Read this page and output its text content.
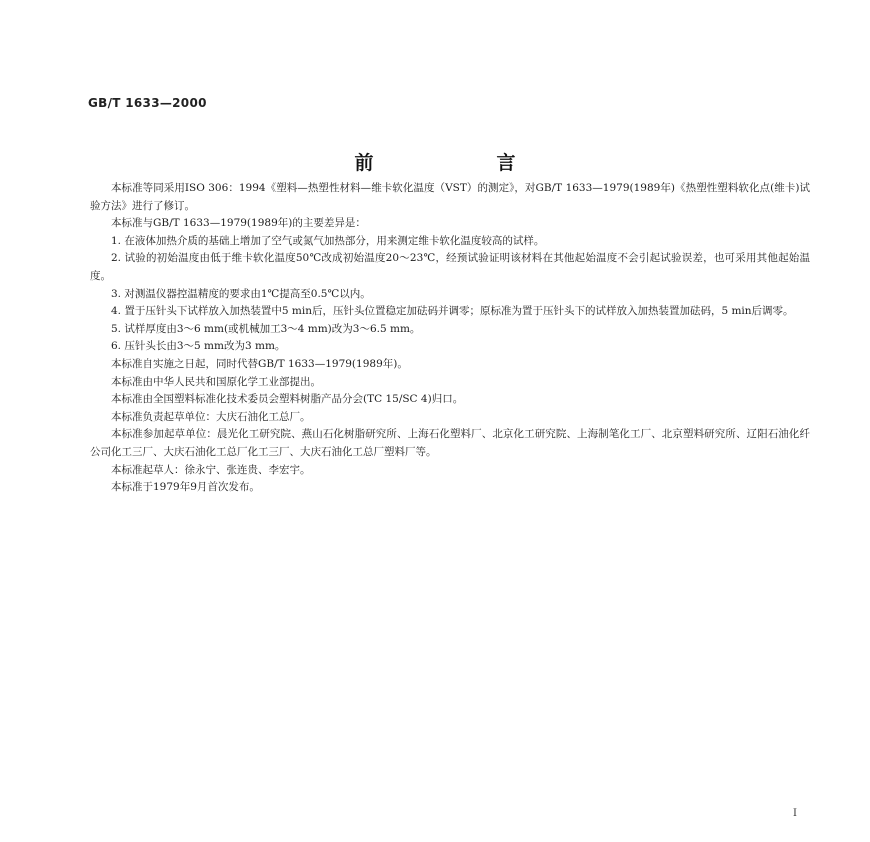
GB/T 1633—2000
前　言

本标准等同采用ISO 306：1994《塑料—热塑性材料—维卡软化温度（VST）的测定》，对GB/T 1633—1979(1989年)《热塑性塑料软化点(维卡)试验方法》进行了修订。

本标准与GB/T 1633—1979(1989年)的主要差异是：

1. 在液体加热介质的基础上增加了空气或氮气加热部分，用来测定维卡软化温度较高的试样。

2. 试验的初始温度由低于维卡软化温度50℃改成初始温度20～23℃，经预试验证明该材料在其他起始温度不会引起试验误差，也可采用其他起始温度。

3. 对测温仪器控温精度的要求由1℃提高至0.5℃以内。

4. 置于压针头下试样放入加热装置中5 min后，压针头位置稳定加砝码并调零；原标准为置于压针头下的试样放入加热装置加砝码，5 min后调零。

5. 试样厚度由3～6 mm(或机械加工3～4 mm)改为3～6.5 mm。

6. 压针头长由3～5 mm改为3 mm。

本标准自实施之日起，同时代替GB/T 1633—1979(1989年)。

本标准由中华人民共和国原化学工业部提出。

本标准由全国塑料标准化技术委员会塑料树脂产品分会(TC 15/SC 4)归口。

本标准负责起草单位：大庆石油化工总厂。

本标准参加起草单位：晨光化工研究院、燕山石化树脂研究所、上海石化塑料厂、北京化工研究院、上海制笔化工厂、北京塑料研究所、辽阳石油化纤公司化工三厂、大庆石油化工总厂化工三厂、大庆石油化工总厂塑料厂等。

本标准起草人：徐永宁、张连贵、李宏宇。

本标准于1979年9月首次发布。

Ⅰ
